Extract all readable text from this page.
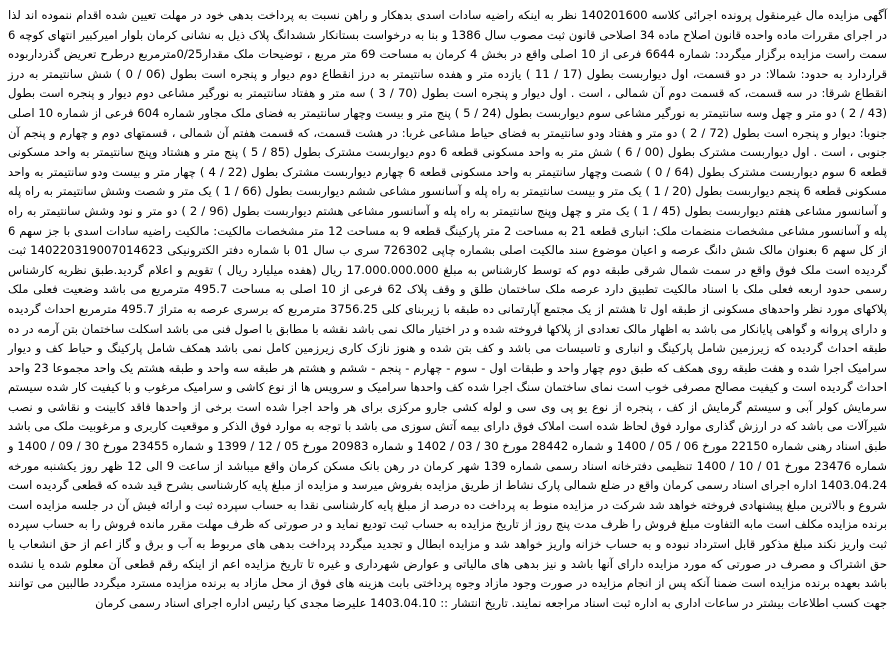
آگهی مزایده مال غیرمنقول پرونده اجرائی کلاسه 140201600 نظر به اینکه راضیه سادات اسدی بدهکار و راهن نسبت به پرداخت بدهی خود در مهلت تعیین شده اقدام ننموده اند لذا در اجرای مقررات ماده واحده قانون اصلاح ماده 34 اصلاحی قانون ثبت مصوب سال 1386 و بنا به درخواست بستانکار ششدانگ پلاک ذیل به نشانی کرمان بلوار امیرکبیر انتهای کوچه 6 سمت راست مزایده برگزار میگردد: شماره 6644 فرعی از 10 اصلی واقع در بخش 4 کرمان به مساحت 69 متر مربع ، توضیحات ملک مقدار0/25مترمربع درطرح تعریض گذرداربوده قراردارد به حدود: شمالا: در دو قسمت، اول دیواربست بطول (17 / 11 ) یازده متر و هفده سانتیمتر به درز انقطاع دوم دیوار و پنجره است بطول (06 / 0 ) شش سانتیمتر به درز انقطاع شرقا: در سه قسمت، که قسمت دوم آن شمالی ، است . اول دیوار و پنجره است بطول (70 / 3 ) سه متر و هفتاد سانتیمتر به نورگیر مشاعی دوم دیوار و پنجره است بطول (43 / 2 ) دو متر و چهل وسه سانتیمتر به نورگیر مشاعی سوم دیواربست بطول (24 / 5 ) پنج متر و بیست وچهار سانتیمتر به فضای ملک مجاور شماره 604 فرعی از شماره 10 اصلی جنوبا: دیوار و پنجره است بطول (72 / 2 ) دو متر و هفتاد ودو سانتیمتر به فضای حیاط مشاعی غربا: در هشت قسمت، که قسمت هفتم آن شمالی ، قسمتهای دوم و چهارم و پنجم آن جنوبی ، است . اول دیواربست مشترک بطول (00 / 6 ) شش متر به واحد مسکونی قطعه 6 دوم دیواربست مشترک بطول (85 / 5 ) پنج متر و هشتاد وپنج سانتیمتر به واحد مسکونی قطعه 6 سوم دیواربست مشترک بطول (64 / 0 ) شصت وچهار سانتیمتر به واحد مسکونی قطعه 6 چهارم دیواربست مشترک بطول (22 / 4 ) چهار متر و بیست ودو سانتیمتر به واحد مسکونی قطعه 6 پنجم دیواربست بطول (20 / 1 ) یک متر و بیست سانتیمتر به راه پله و آسانسور مشاعی ششم دیواربست بطول (66 / 1 ) یک متر و شصت وشش سانتیمتر به راه پله و آسانسور مشاعی هفتم دیواربست بطول (45 / 1 ) یک متر و چهل وپنج سانتیمتر به راه پله و آسانسور مشاعی هشتم دیواربست بطول (96 / 2 ) دو متر و نود وشش سانتیمتر به راه پله و آسانسور مشاعی مشخصات منضمات ملک: انباری قطعه 21 به مساحت 2 متر پارکینگ قطعه 9 به مساحت 12 متر مشخصات مالکیت: مالکیت راضیه سادات اسدی با جز سهم 6 از کل سهم 6 بعنوان مالک شش دانگ عرصه و اعیان موضوع سند مالکیت اصلی بشماره چاپی 726302 سری ب سال 01 با شماره دفتر الکترونیکی 140220319007014623 ثبت گردیده است ملک فوق واقع در سمت شمال شرقی طبقه دوم که توسط کارشناس به مبلغ 17.000.000.000 ریال (هفده میلیارد ریال ) تقویم و اعلام گردید.طبق نظریه کارشناس رسمی حدود اربعه فعلی ملک با اسناد مالکیت تطبیق دارد عرصه ملک ساختمان طلق و وقف پلاک 62 فرعی از 10 اصلی به مساحت 495.7 مترمربع می باشد وضعیت فعلی ملک پلاکهای مورد نظر واحدهای مسکونی از طبقه اول تا هشتم از یک مجتمع آپارتمانی ده طبقه با زیربنای کلی 3756.25 مترمربع که برسری عرصه به متراژ 495.7 مترمربع احداث گردیده و دارای پروانه و گواهی پایانکار می باشد به اظهار مالک تعدادی از پلاکها فروخته شده و در اختیار مالک نمی باشد نقشه با مطابق با اصول فنی می باشد اسکلت ساختمان بتن آرمه در ده طبقه احداث گردیده که زیرزمین شامل پارکینگ و انباری و تاسیسات می باشد و کف بتن شده و هنوز نازک کاری زیرزمین کامل نمی باشد همکف شامل پارکینگ و حیاط کف و دیوار سرامیک اجرا شده و هفت طبقه روی همکف که طبق دوم چهار واحد و طبقات اول - سوم - چهارم - پنجم - ششم و هشتم هر طبقه سه واحد و طبقه هشتم یک واحد مجموعا 23 واحد احداث گردیده است و کیفیت مصالح مصرفی خوب است نمای ساختمان سنگ اجرا شده کف واحدها سرامیک و سرویس ها از نوع کاشی و سرامیک مرغوب و با کیفیت کار شده سیستم سرمایش کولر آبی و سیستم گرمایش از کف ، پنجره از نوع یو پی وی سی و لوله کشی جارو مرکزی برای هر واحد اجرا شده است برخی از واحدها فاقد کابینت و نقاشی و نصب شیرآلات می باشد که در ارزش گذاری موارد فوق لحاظ شده است املاک فوق دارای بیمه آتش سوزی می باشد با توجه به موارد فوق الذکر و موقعیت کاربری و مرغوبیت ملک می باشد طبق اسناد رهنی شماره 22150 مورخ 06 / 05 / 1400 و شماره 28442 مورخ 30 / 03 / 1402 و شماره 20983 مورخ 05 / 12 / 1399 و شماره 23455 مورخ 30 / 09 / 1400 و شماره 23476 مورخ 01 / 10 / 1400 تنظیمی دفترخانه اسناد رسمی شماره 139 شهر کرمان در رهن بانک مسکن کرمان واقع میباشد از ساعت 9 الی 12 ظهر روز یکشنبه مورخه 1403.04.24 اداره اجرای اسناد رسمی کرمان واقع در ضلع شمالی پارک نشاط از طریق مزایده بفروش میرسد و مزایده از مبلغ پایه کارشناسی بشرح قید شده که قطعی گردیده است شروع و بالاترین مبلغ پیشنهادی فروخته خواهد شد شرکت در مزایده منوط به پرداخت ده درصد از مبلغ پایه کارشناسی نقدا به حساب سپرده ثبت و ارائه فیش آن در جلسه مزایده است برنده مزایده مکلف است مابه التفاوت مبلغ فروش را ظرف مدت پنج روز از تاریخ مزایده به حساب ثبت تودیع نماید و در صورتی که ظرف مهلت مقرر مانده فروش را به حساب سپرده ثبت واریز نکند مبلغ مذکور قابل استرداد نبوده و به حساب خزانه واریز خواهد شد و مزایده ابطال و تجدید میگردد پرداخت بدهی های مربوط به آب و برق و گاز اعم از حق انشعاب یا حق اشتراک و مصرف در صورتی که مورد مزایده دارای آنها باشد و نیز بدهی های مالیاتی و عوارض شهرداری و غیره تا تاریخ مزایده اعم از اینکه رقم قطعی آن معلوم شده یا نشده باشد بعهده برنده مزایده است ضمنا آنکه پس از انجام مزایده در صورت وجود مازاد وجوه پرداختی بابت هزینه های فوق از محل مازاد به برنده مزایده مسترد میگردد طالبین می توانند جهت کسب اطلاعات بیشتر در ساعات اداری به اداره ثبت اسناد مراجعه نمایند. تاریخ انتشار :: 1403.04.10 علیرضا مجدی کیا رئیس اداره اجرای اسناد رسمی کرمان
